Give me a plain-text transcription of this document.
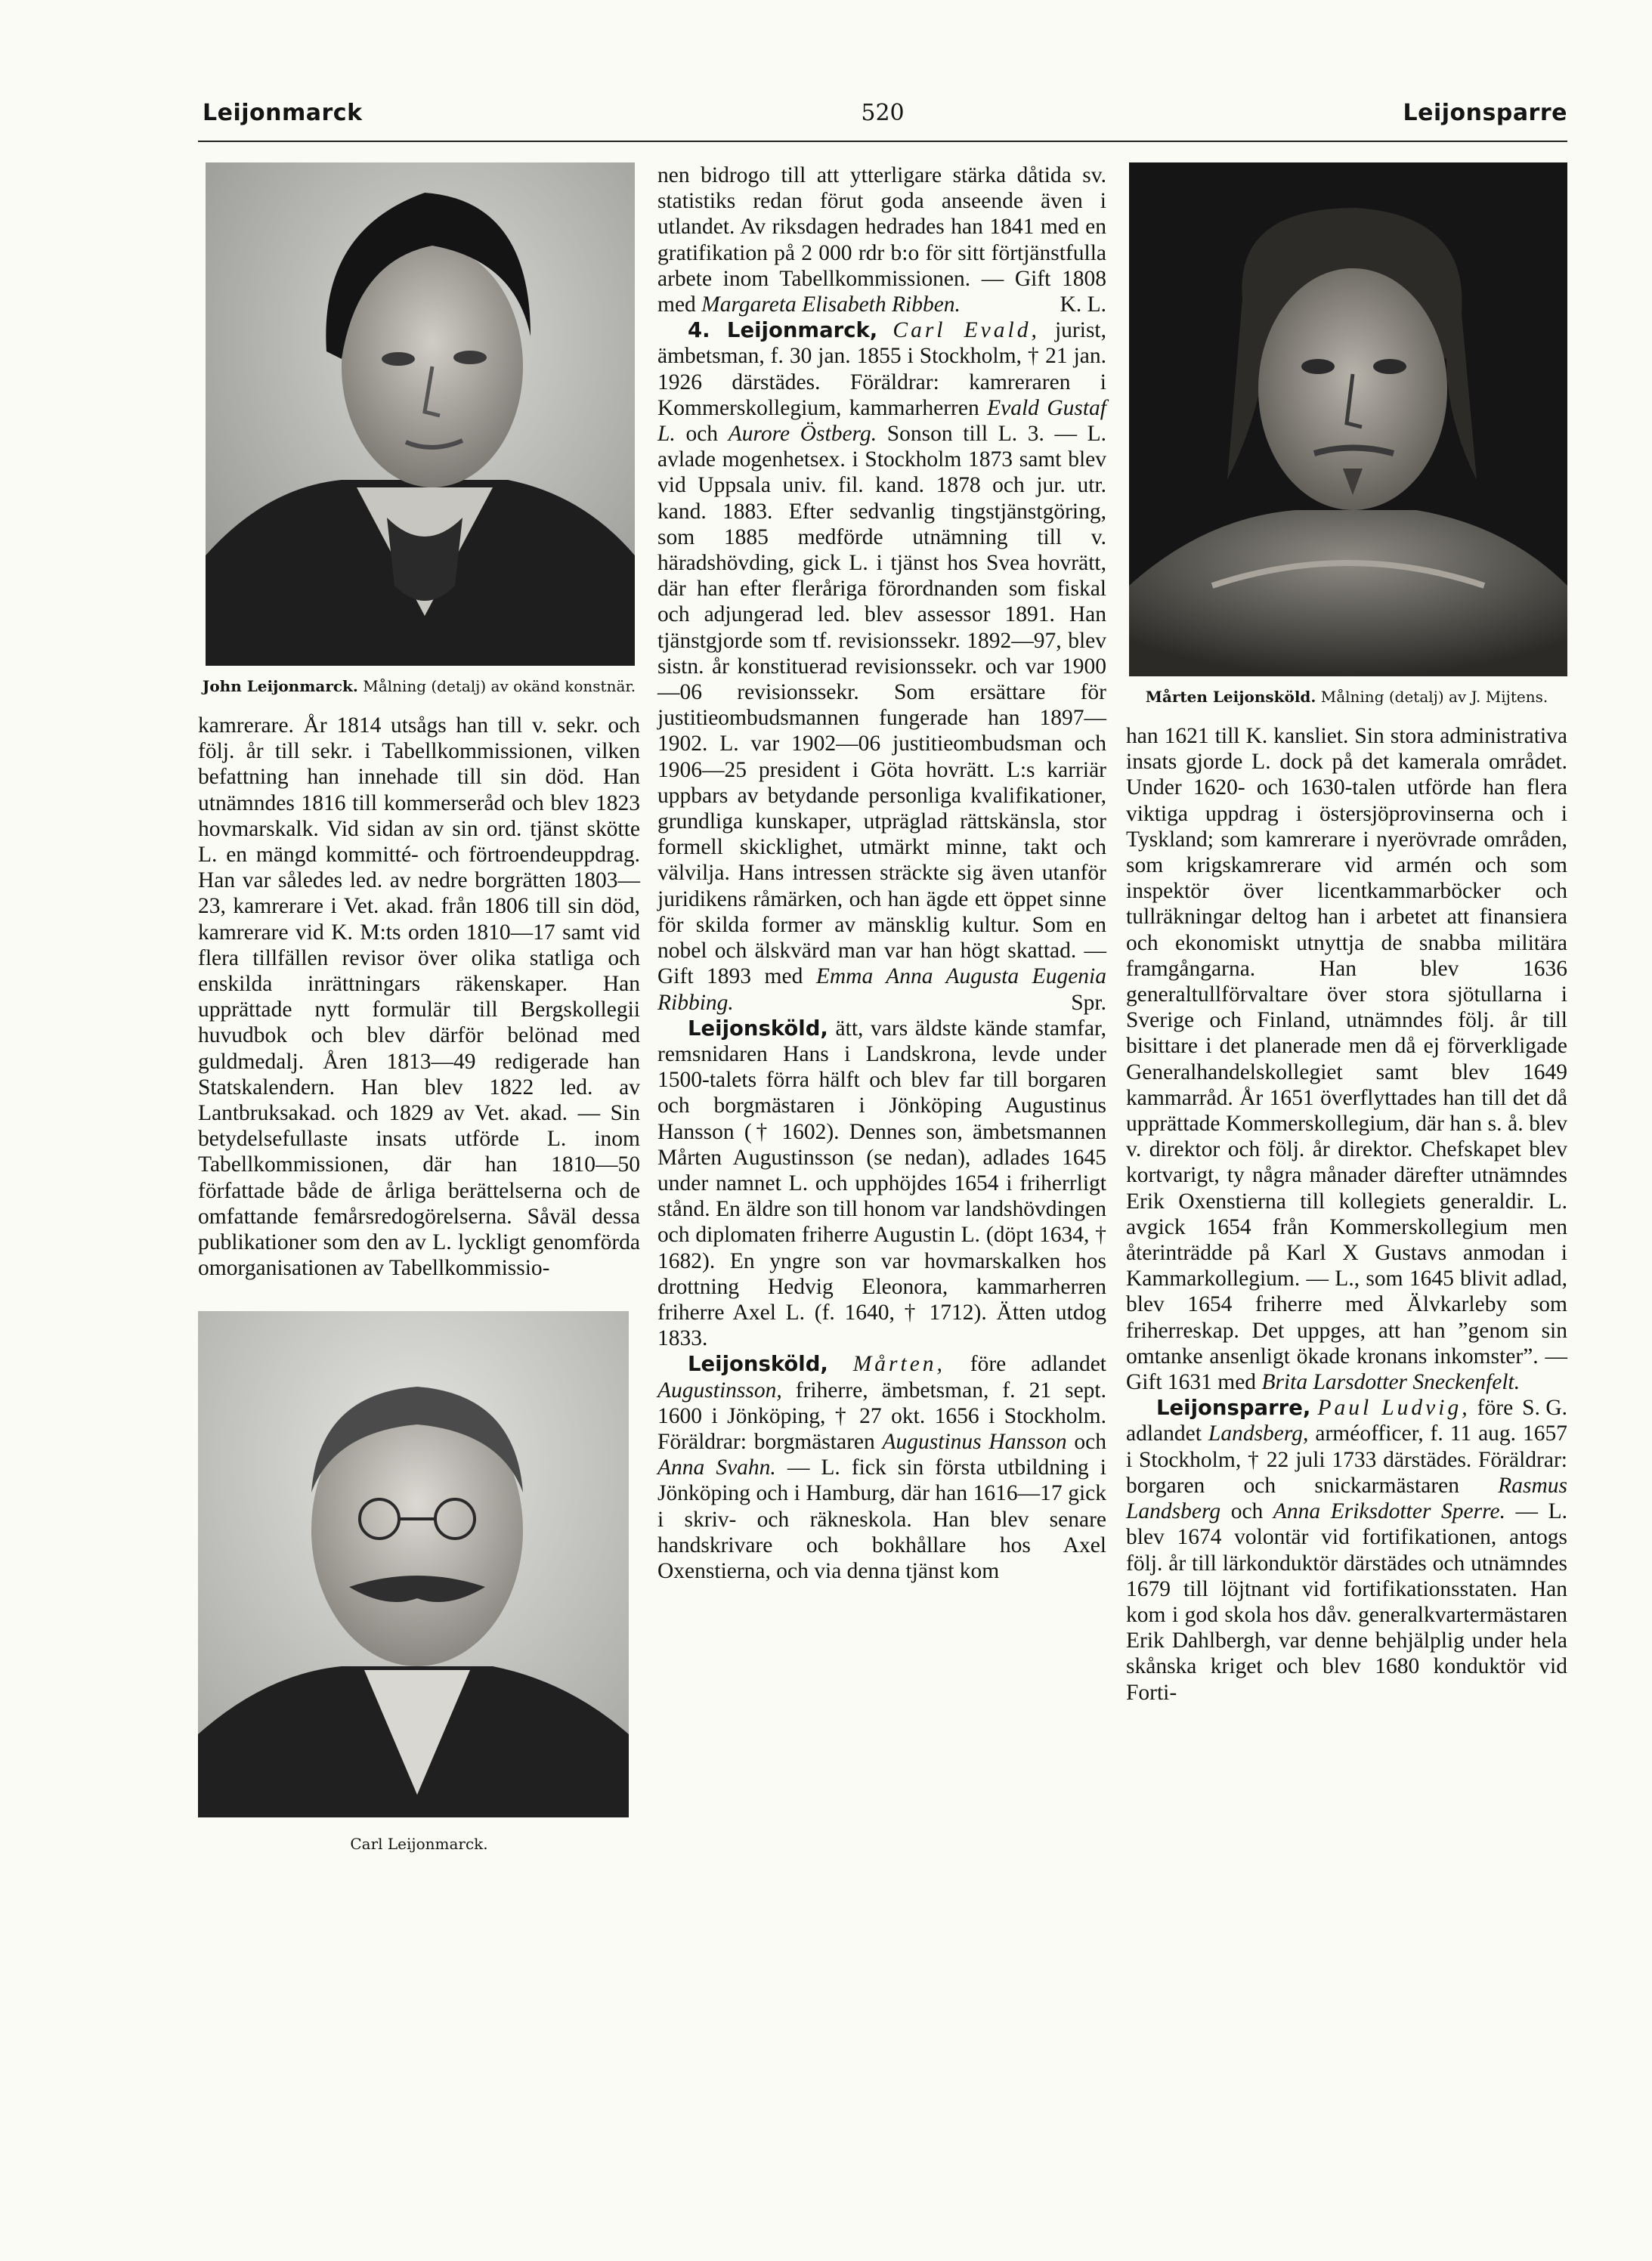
Leijonmarck	520	Leijonsparre
John Leijonmarck. Målning (detalj) av okänd konstnär.
kamrerare. År 1814 utsågs han till v. sekr. och följ. år till sekr. i Tabellkommissionen, vilken befattning han innehade till sin död. Han utnämndes 1816 till kommerseråd och blev 1823 hovmarskalk. Vid sidan av sin ord. tjänst skötte L. en mängd kommitté- och förtroendeuppdrag. Han var således led. av nedre borgrätten 1803—23, kamrerare i Vet. akad. från 1806 till sin död, kamrerare vid K. M:ts orden 1810—17 samt vid flera tillfällen revisor över olika statliga och enskilda inrättningars räkenskaper. Han upprättade nytt formulär till Bergskollegii huvudbok och blev därför belönad med guldmedalj. Åren 1813—49 redigerade han Statskalendern. Han blev 1822 led. av Lantbruksakad. och 1829 av Vet. akad. — Sin betydelsefullaste insats utförde L. inom Tabellkommissionen, där han 1810—50 författade både de årliga berättelserna och de omfattande femårsredogörelserna. Såväl dessa publikationer som den av L. lyckligt genomförda omorganisationen av Tabellkommissio-
Carl Leijonmarck.
nen bidrogo till att ytterligare stärka dåtida sv. statistiks redan förut goda anseende även i utlandet. Av riksdagen hedrades han 1841 med en gratifikation på 2 000 rdr b:o för sitt förtjänstfulla arbete inom Tabellkommissionen. — Gift 1808 med Margareta Elisabeth Ribben.	K. L.
4. Leijonmarck, Carl Evald, jurist, ämbetsman, f. 30 jan. 1855 i Stockholm, † 21 jan. 1926 därstädes. Föräldrar: kamreraren i Kommerskollegium, kammarherren Evald Gustaf L. och Aurore Östberg. Sonson till L. 3. — L. avlade mogenhetsex. i Stockholm 1873 samt blev vid Uppsala univ. fil. kand. 1878 och jur. utr. kand. 1883. Efter sedvanlig tingstjänstgöring, som 1885 medförde utnämning till v. häradshövding, gick L. i tjänst hos Svea hovrätt, där han efter fleråriga förordnanden som fiskal och adjungerad led. blev assessor 1891. Han tjänstgjorde som tf. revisionssekr. 1892—97, blev sistn. år konstituerad revisionssekr. och var 1900—06 revisionssekr. Som ersättare för justitieombudsmannen fungerade han 1897—1902. L. var 1902—06 justitieombudsman och 1906—25 president i Göta hovrätt. L:s karriär uppbars av betydande personliga kvalifikationer, grundliga kunskaper, utpräglad rättskänsla, stor formell skicklighet, utmärkt minne, takt och välvilja. Hans intressen sträckte sig även utanför juridikens råmärken, och han ägde ett öppet sinne för skilda former av mänsklig kultur. Som en nobel och älskvärd man var han högt skattad. — Gift 1893 med Emma Anna Augusta Eugenia Ribbing.	Spr.
Leijonsköld, ätt, vars äldste kände stamfar, remsnidaren Hans i Landskrona, levde under 1500-talets förra hälft och blev far till borgaren och borgmästaren i Jönköping Augustinus Hansson († 1602). Dennes son, ämbetsmannen Mårten Augustinsson (se nedan), adlades 1645 under namnet L. och upphöjdes 1654 i friherrligt stånd. En äldre son till honom var landshövdingen och diplomaten friherre Augustin L. (döpt 1634, † 1682). En yngre son var hovmarskalken hos drottning Hedvig Eleonora, kammarherren friherre Axel L. (f. 1640, † 1712). Ätten utdog 1833.
Leijonsköld, Mårten, före adlandet Augustinsson, friherre, ämbetsman, f. 21 sept. 1600 i Jönköping, † 27 okt. 1656 i Stockholm. Föräldrar: borgmästaren Augustinus Hansson och Anna Svahn. — L. fick sin första utbildning i Jönköping och i Hamburg, där han 1616—17 gick i skriv- och räkneskola. Han blev senare handskrivare och bokhållare hos Axel Oxenstierna, och via denna tjänst kom
Mårten Leijonsköld. Målning (detalj) av J. Mijtens.
han 1621 till K. kansliet. Sin stora administrativa insats gjorde L. dock på det kamerala området. Under 1620- och 1630-talen utförde han flera viktiga uppdrag i östersjöprovinserna och i Tyskland; som kamrerare i nyerövrade områden, som krigskamrerare vid armén och som inspektör över licentkammarböcker och tullräkningar deltog han i arbetet att finansiera och ekonomiskt utnyttja de snabba militära framgångarna. Han blev 1636 generaltullförvaltare över stora sjötullarna i Sverige och Finland, utnämndes följ. år till bisittare i det planerade men då ej förverkligade Generalhandelskollegiet samt blev 1649 kammarråd. År 1651 överflyttades han till det då upprättade Kommerskollegium, där han s. å. blev v. direktor och följ. år direktor. Chefskapet blev kortvarigt, ty några månader därefter utnämndes Erik Oxenstierna till kollegiets generaldir. L. avgick 1654 från Kommerskollegium men återinträdde på Karl X Gustavs anmodan i Kammarkollegium. — L., som 1645 blivit adlad, blev 1654 friherre med Älvkarleby som friherreskap. Det uppges, att han ”genom sin omtanke ansenligt ökade kronans inkomster”. — Gift 1631 med Brita Larsdotter Sneckenfelt.
S. G.
Leijonsparre, Paul Ludvig, före adlandet Landsberg, arméofficer, f. 11 aug. 1657 i Stockholm, † 22 juli 1733 därstädes. Föräldrar: borgaren och snickarmästaren Rasmus Landsberg och Anna Eriksdotter Sperre. — L. blev 1674 volontär vid fortifikationen, antogs följ. år till lärkonduktör därstädes och utnämndes 1679 till löjtnant vid fortifikationsstaten. Han kom i god skola hos dåv. generalkvartermästaren Erik Dahlbergh, var denne behjälplig under hela skånska kriget och blev 1680 konduktör vid Forti-
